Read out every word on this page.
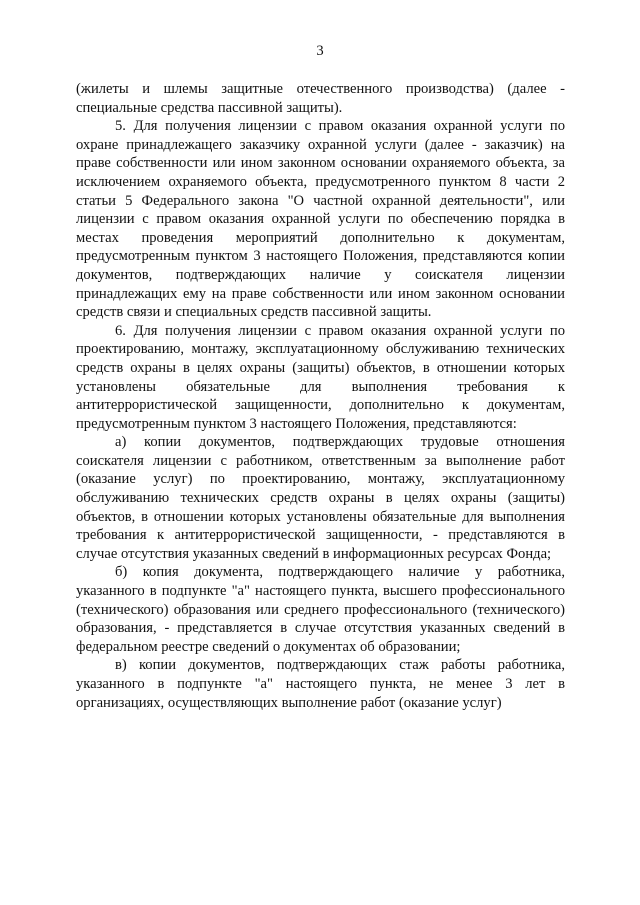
3

(жилеты и шлемы защитные отечественного производства) (далее - специальные средства пассивной защиты).

5. Для получения лицензии с правом оказания охранной услуги по охране принадлежащего заказчику охранной услуги (далее - заказчик) на праве собственности или ином законном основании охраняемого объекта, за исключением охраняемого объекта, предусмотренного пунктом 8 части 2 статьи 5 Федерального закона "О частной охранной деятельности", или лицензии с правом оказания охранной услуги по обеспечению порядка в местах проведения мероприятий дополнительно к документам, предусмотренным пунктом 3 настоящего Положения, представляются копии документов, подтверждающих наличие у соискателя лицензии принадлежащих ему на праве собственности или ином законном основании средств связи и специальных средств пассивной защиты.

6. Для получения лицензии с правом оказания охранной услуги по проектированию, монтажу, эксплуатационному обслуживанию технических средств охраны в целях охраны (защиты) объектов, в отношении которых установлены обязательные для выполнения требования к антитеррористической защищенности, дополнительно к документам, предусмотренным пунктом 3 настоящего Положения, представляются:

а) копии документов, подтверждающих трудовые отношения соискателя лицензии с работником, ответственным за выполнение работ (оказание услуг) по проектированию, монтажу, эксплуатационному обслуживанию технических средств охраны в целях охраны (защиты) объектов, в отношении которых установлены обязательные для выполнения требования к антитеррористической защищенности, - представляются в случае отсутствия указанных сведений в информационных ресурсах Фонда;

б) копия документа, подтверждающего наличие у работника, указанного в подпункте "а" настоящего пункта, высшего профессионального (технического) образования или среднего профессионального (технического) образования, - представляется в случае отсутствия указанных сведений в федеральном реестре сведений о документах об образовании;

в) копии документов, подтверждающих стаж работы работника, указанного в подпункте "а" настоящего пункта, не менее 3 лет в организациях, осуществляющих выполнение работ (оказание услуг)
